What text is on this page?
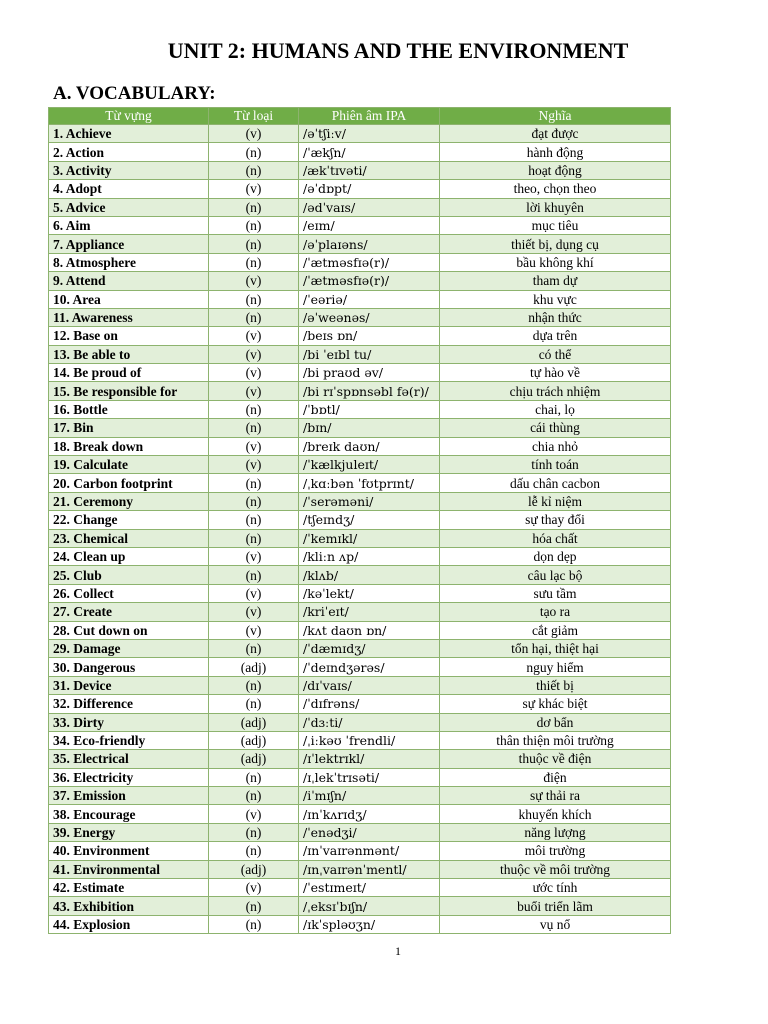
UNIT 2: HUMANS AND THE ENVIRONMENT
A. VOCABULARY:
Từ vựng	Từ loại	Phiên âm IPA	Nghĩa
1. Achieve	(v)	/əˈtʃiːv/	đạt được
2. Action	(n)	/ˈækʃn/	hành động
3. Activity	(n)	/ækˈtɪvəti/	hoạt động
4. Adopt	(v)	/əˈdɒpt/	theo, chọn theo
5. Advice	(n)	/ədˈvaɪs/	lời khuyên
6. Aim	(n)	/eɪm/	mục tiêu
7. Appliance	(n)	/əˈplaɪəns/	thiết bị, dụng cụ
8. Atmosphere	(n)	/ˈætməsfɪə(r)/	bầu không khí
9. Attend	(v)	/ˈætməsfɪə(r)/	tham dự
10. Area	(n)	/ˈeəriə/	khu vực
11. Awareness	(n)	/əˈweənəs/	nhận thức
12. Base on	(v)	/beɪs ɒn/	dựa trên
13. Be able to	(v)	/bi ˈeɪbl tu/	có thể
14. Be proud of	(v)	/bi praʊd əv/	tự hào về
15. Be responsible for	(v)	/bi rɪˈspɒnsəbl fə(r)/	chịu trách nhiệm
16. Bottle	(n)	/ˈbɒtl/	chai, lọ
17. Bin	(n)	/bɪn/	cái thùng
18. Break down	(v)	/breɪk daʊn/	chia nhỏ
19. Calculate	(v)	/ˈkælkjuleɪt/	tính toán
20. Carbon footprint	(n)	/ˌkɑːbən ˈfʊtprɪnt/	dấu chân cacbon
21. Ceremony	(n)	/ˈserəməni/	lễ kỉ niệm
22. Change	(n)	/tʃeɪndʒ/	sự thay đổi
23. Chemical	(n)	/ˈkemɪkl/	hóa chất
24. Clean up	(v)	/kliːn ʌp/	dọn dẹp
25. Club	(n)	/klʌb/	câu lạc bộ
26. Collect	(v)	/kəˈlekt/	sưu tầm
27. Create	(v)	/kriˈeɪt/	tạo ra
28. Cut down on	(v)	/kʌt daʊn ɒn/	cắt giảm
29. Damage	(n)	/ˈdæmɪdʒ/	tổn hại, thiệt hại
30. Dangerous	(adj)	/ˈdeɪndʒərəs/	nguy hiểm
31. Device	(n)	/dɪˈvaɪs/	thiết bị
32. Difference	(n)	/ˈdɪfrəns/	sự khác biệt
33. Dirty	(adj)	/ˈdɜːti/	dơ bẩn
34. Eco-friendly	(adj)	/ˌiːkəʊ ˈfrendli/	thân thiện môi trường
35. Electrical	(adj)	/ɪˈlektrɪkl/	thuộc về điện
36. Electricity	(n)	/ɪˌlekˈtrɪsəti/	điện
37. Emission	(n)	/iˈmɪʃn/	sự thải ra
38. Encourage	(v)	/ɪnˈkʌrɪdʒ/	khuyến khích
39. Energy	(n)	/ˈenədʒi/	năng lượng
40. Environment	(n)	/ɪnˈvaɪrənmənt/	môi trường
41. Environmental	(adj)	/ɪnˌvaɪrənˈmentl/	thuộc về môi trường
42. Estimate	(v)	/ˈestɪmeɪt/	ước tính
43. Exhibition	(n)	/ˌeksɪˈbɪʃn/	buổi triển lãm
44. Explosion	(n)	/ɪkˈspləʊʒn/	vụ nổ
1
